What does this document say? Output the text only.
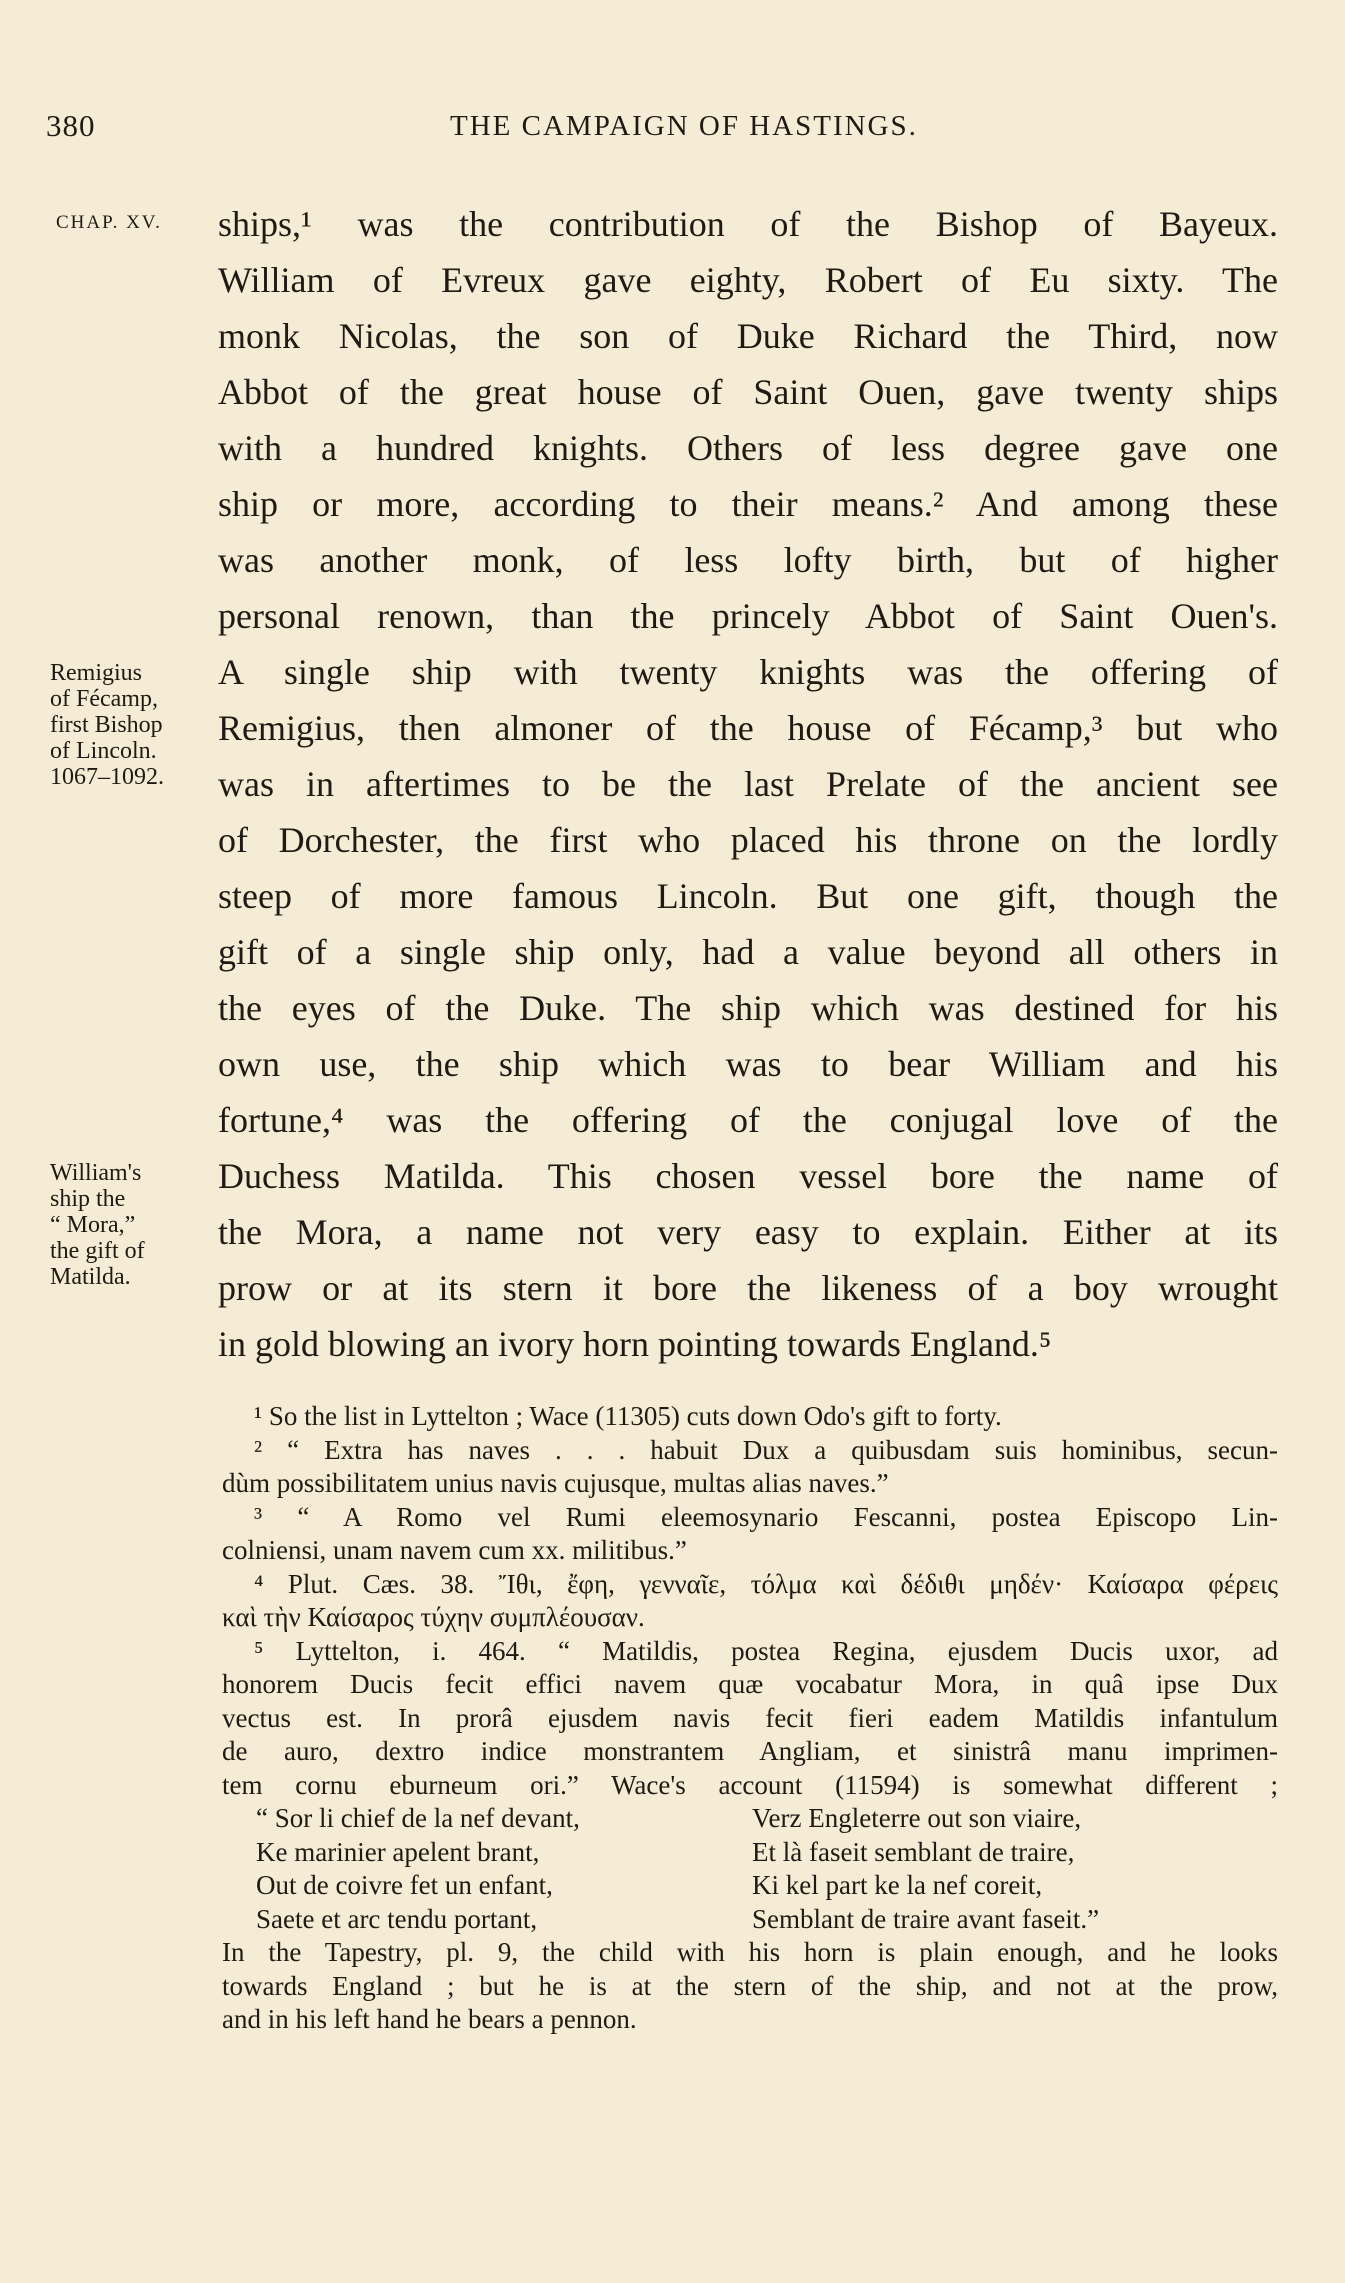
380	THE CAMPAIGN OF HASTINGS.
CHAP. XV.
Remigius
of Fécamp,
first Bishop
of Lincoln.
1067–1092.
William's
ship the
“ Mora,”
the gift of
Matilda.
ships,¹ was the contribution of the Bishop of Bayeux.
William of Evreux gave eighty, Robert of Eu sixty. The
monk Nicolas, the son of Duke Richard the Third, now
Abbot of the great house of Saint Ouen, gave twenty ships
with a hundred knights. Others of less degree gave one
ship or more, according to their means.² And among these
was another monk, of less lofty birth, but of higher
personal renown, than the princely Abbot of Saint Ouen's.
A single ship with twenty knights was the offering of
Remigius, then almoner of the house of Fécamp,³ but who
was in aftertimes to be the last Prelate of the ancient see
of Dorchester, the first who placed his throne on the lordly
steep of more famous Lincoln. But one gift, though the
gift of a single ship only, had a value beyond all others in
the eyes of the Duke. The ship which was destined for his
own use, the ship which was to bear William and his
fortune,⁴ was the offering of the conjugal love of the
Duchess Matilda. This chosen vessel bore the name of
the Mora, a name not very easy to explain. Either at its
prow or at its stern it bore the likeness of a boy wrought
in gold blowing an ivory horn pointing towards England.⁵
¹ So the list in Lyttelton ; Wace (11305) cuts down Odo's gift to forty.
² “ Extra has naves . . . habuit Dux a quibusdam suis hominibus, secun-
dùm possibilitatem unius navis cujusque, multas alias naves.”
³ “ A Romo vel Rumi eleemosynario Fescanni, postea Episcopo Lin-
colniensi, unam navem cum xx. militibus.”
⁴ Plut. Cæs. 38. Ἴθι, ἔφη, γενναῖε, τόλμα καὶ δέδιθι μηδέν· Καίσαρα φέρεις
καὶ τὴν Καίσαρος τύχην συμπλέουσαν.
⁵ Lyttelton, i. 464. “ Matildis, postea Regina, ejusdem Ducis uxor, ad
honorem Ducis fecit effici navem quæ vocabatur Mora, in quâ ipse Dux
vectus est. In prorâ ejusdem navis fecit fieri eadem Matildis infantulum
de auro, dextro indice monstrantem Angliam, et sinistrâ manu imprimen-
tem cornu eburneum ori.” Wace's account (11594) is somewhat different ;
“ Sor li chief de la nef devant,	Verz Engleterre out son viaire,
Ke marinier apelent brant,	Et là faseit semblant de traire,
Out de coivre fet un enfant,	Ki kel part ke la nef coreit,
Saete et arc tendu portant,	Semblant de traire avant faseit.”
In the Tapestry, pl. 9, the child with his horn is plain enough, and he looks
towards England ; but he is at the stern of the ship, and not at the prow,
and in his left hand he bears a pennon.
